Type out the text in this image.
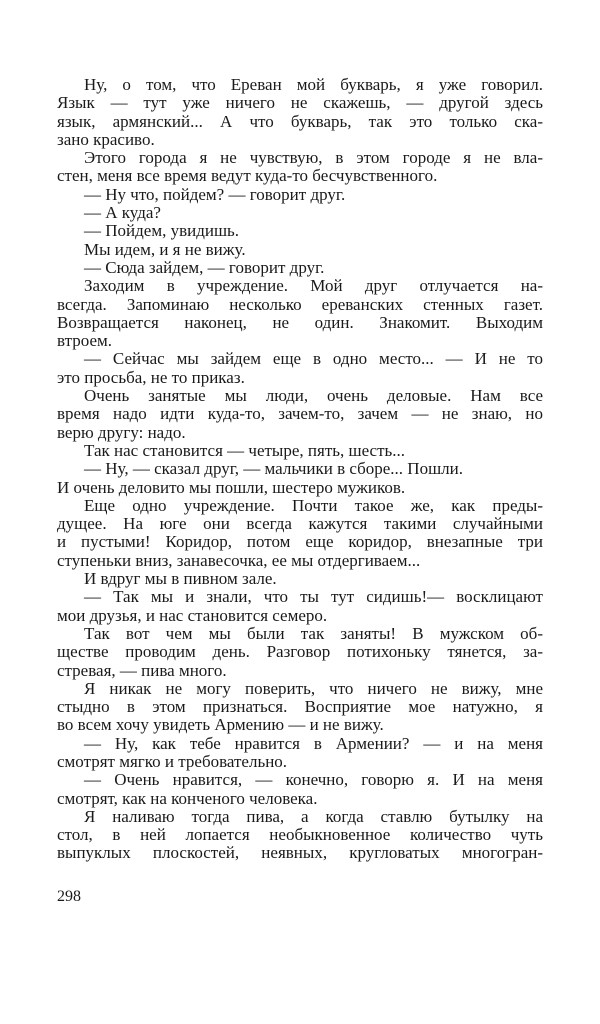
Ну, о том, что Ереван мой букварь, я уже говорил.
Язык — тут уже ничего не скажешь, — другой здесь
язык, армянский... А что букварь, так это только ска-
зано красиво.
Этого города я не чувствую, в этом городе я не вла-
стен, меня все время ведут куда-то бесчувственного.
— Ну что, пойдем? — говорит друг.
— А куда?
— Пойдем, увидишь.
Мы идем, и я не вижу.
— Сюда зайдем, — говорит друг.
Заходим в учреждение. Мой друг отлучается на-
всегда. Запоминаю несколько ереванских стенных газет.
Возвращается наконец, не один. Знакомит. Выходим
втроем.
— Сейчас мы зайдем еще в одно место... — И не то
это просьба, не то приказ.
Очень занятые мы люди, очень деловые. Нам все
время надо идти куда-то, зачем-то, зачем — не знаю, но
верю другу: надо.
Так нас становится — четыре, пять, шесть...
— Ну, — сказал друг, — мальчики в сборе... Пошли.
И очень деловито мы пошли, шестеро мужиков.
Еще одно учреждение. Почти такое же, как преды-
дущее. На юге они всегда кажутся такими случайными
и пустыми! Коридор, потом еще коридор, внезапные три
ступеньки вниз, занавесочка, ее мы отдергиваем...
И вдруг мы в пивном зале.
— Так мы и знали, что ты тут сидишь!— восклицают
мои друзья, и нас становится семеро.
Так вот чем мы были так заняты! В мужском об-
ществе проводим день. Разговор потихоньку тянется, за-
стревая, — пива много.
Я никак не могу поверить, что ничего не вижу, мне
стыдно в этом признаться. Восприятие мое натужно, я
во всем хочу увидеть Армению — и не вижу.
— Ну, как тебе нравится в Армении? — и на меня
смотрят мягко и требовательно.
— Очень нравится, — конечно, говорю я. И на меня
смотрят, как на конченого человека.
Я наливаю тогда пива, а когда ставлю бутылку на
стол, в ней лопается необыкновенное количество чуть
выпуклых плоскостей, неявных, кругловатых многогран-
298
